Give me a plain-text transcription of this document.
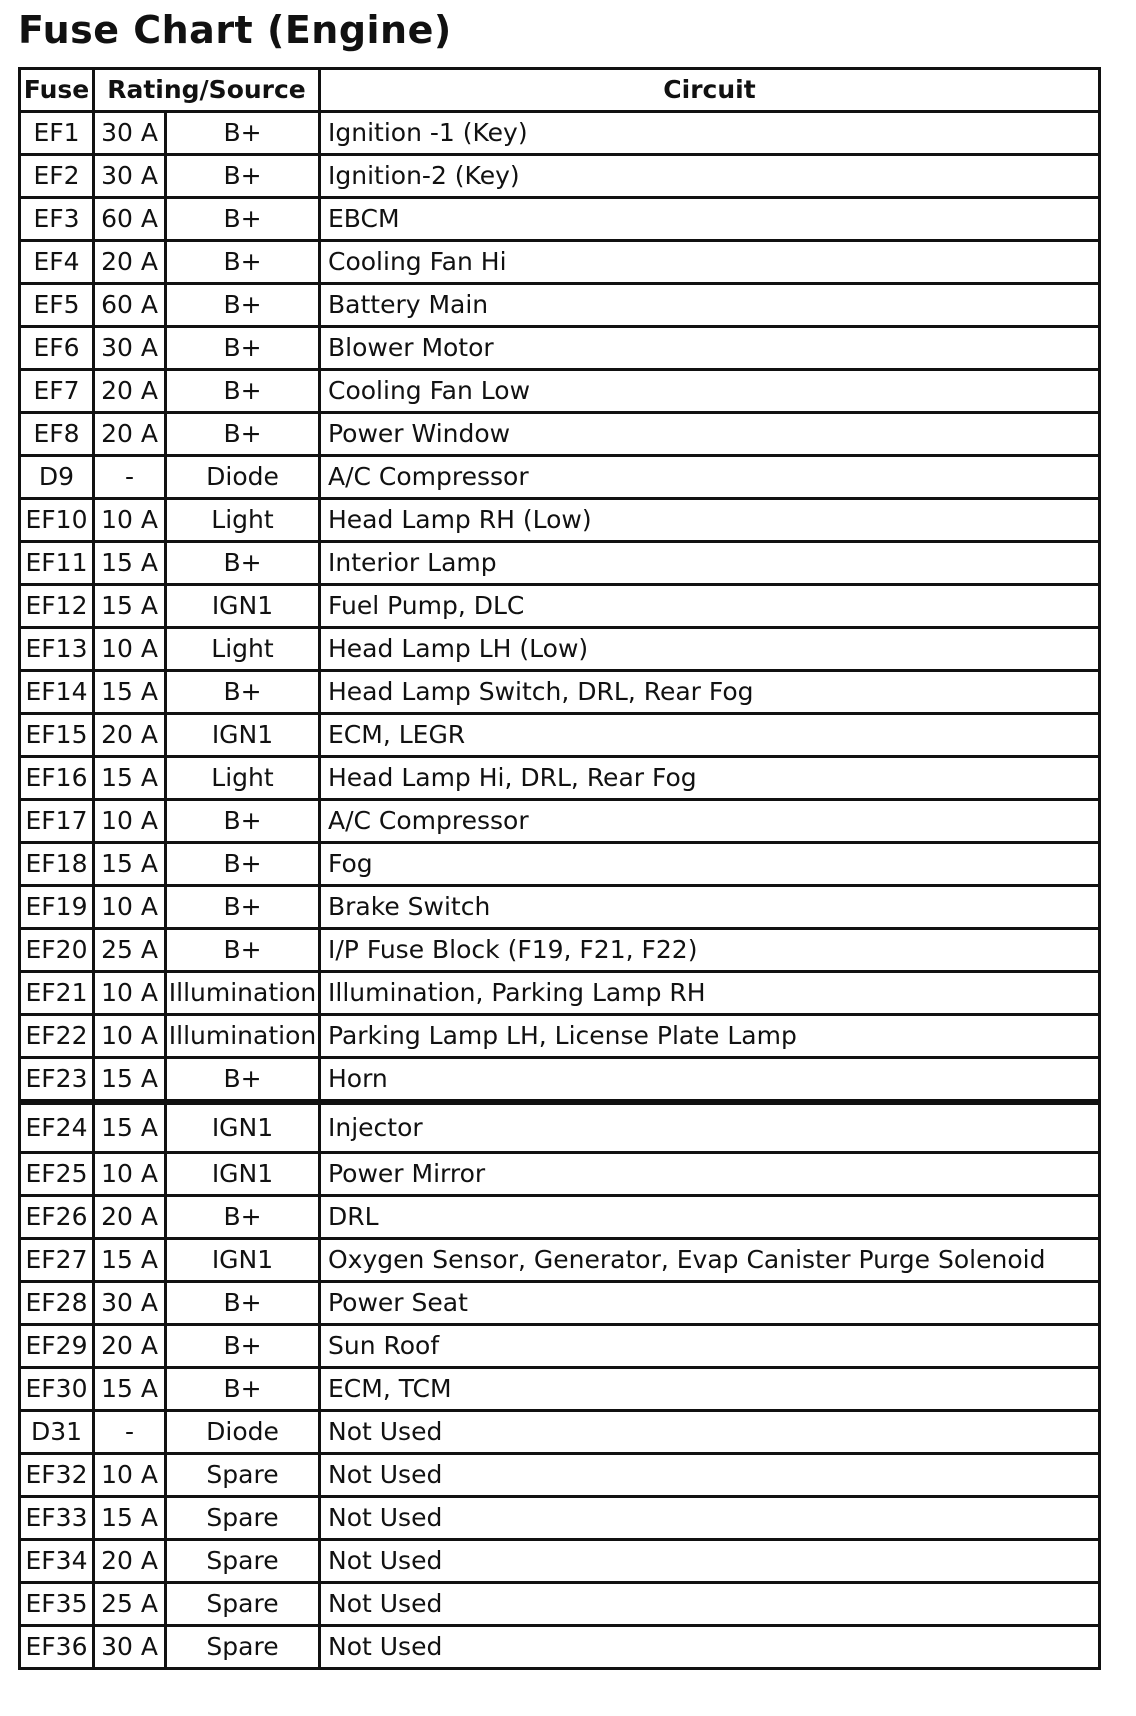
Fuse Chart (Engine)
Fuse	Rating/Source		Circuit
EF1	30 A	B+	Ignition -1 (Key)
EF2	30 A	B+	Ignition-2 (Key)
EF3	60 A	B+	EBCM
EF4	20 A	B+	Cooling Fan Hi
EF5	60 A	B+	Battery Main
EF6	30 A	B+	Blower Motor
EF7	20 A	B+	Cooling Fan Low
EF8	20 A	B+	Power Window
D9	-	Diode	A/C Compressor
EF10	10 A	Light	Head Lamp RH (Low)
EF11	15 A	B+	Interior Lamp
EF12	15 A	IGN1	Fuel Pump, DLC
EF13	10 A	Light	Head Lamp LH (Low)
EF14	15 A	B+	Head Lamp Switch, DRL, Rear Fog
EF15	20 A	IGN1	ECM, LEGR
EF16	15 A	Light	Head Lamp Hi, DRL, Rear Fog
EF17	10 A	B+	A/C Compressor
EF18	15 A	B+	Fog
EF19	10 A	B+	Brake Switch
EF20	25 A	B+	I/P Fuse Block (F19, F21, F22)
EF21	10 A	Illumination	Illumination, Parking Lamp RH
EF22	10 A	Illumination	Parking Lamp LH, License Plate Lamp
EF23	15 A	B+	Horn
EF24	15 A	IGN1	Injector
EF25	10 A	IGN1	Power Mirror
EF26	20 A	B+	DRL
EF27	15 A	IGN1	Oxygen Sensor, Generator, Evap Canister Purge Solenoid
EF28	30 A	B+	Power Seat
EF29	20 A	B+	Sun Roof
EF30	15 A	B+	ECM, TCM
D31	-	Diode	Not Used
EF32	10 A	Spare	Not Used
EF33	15 A	Spare	Not Used
EF34	20 A	Spare	Not Used
EF35	25 A	Spare	Not Used
EF36	30 A	Spare	Not Used
